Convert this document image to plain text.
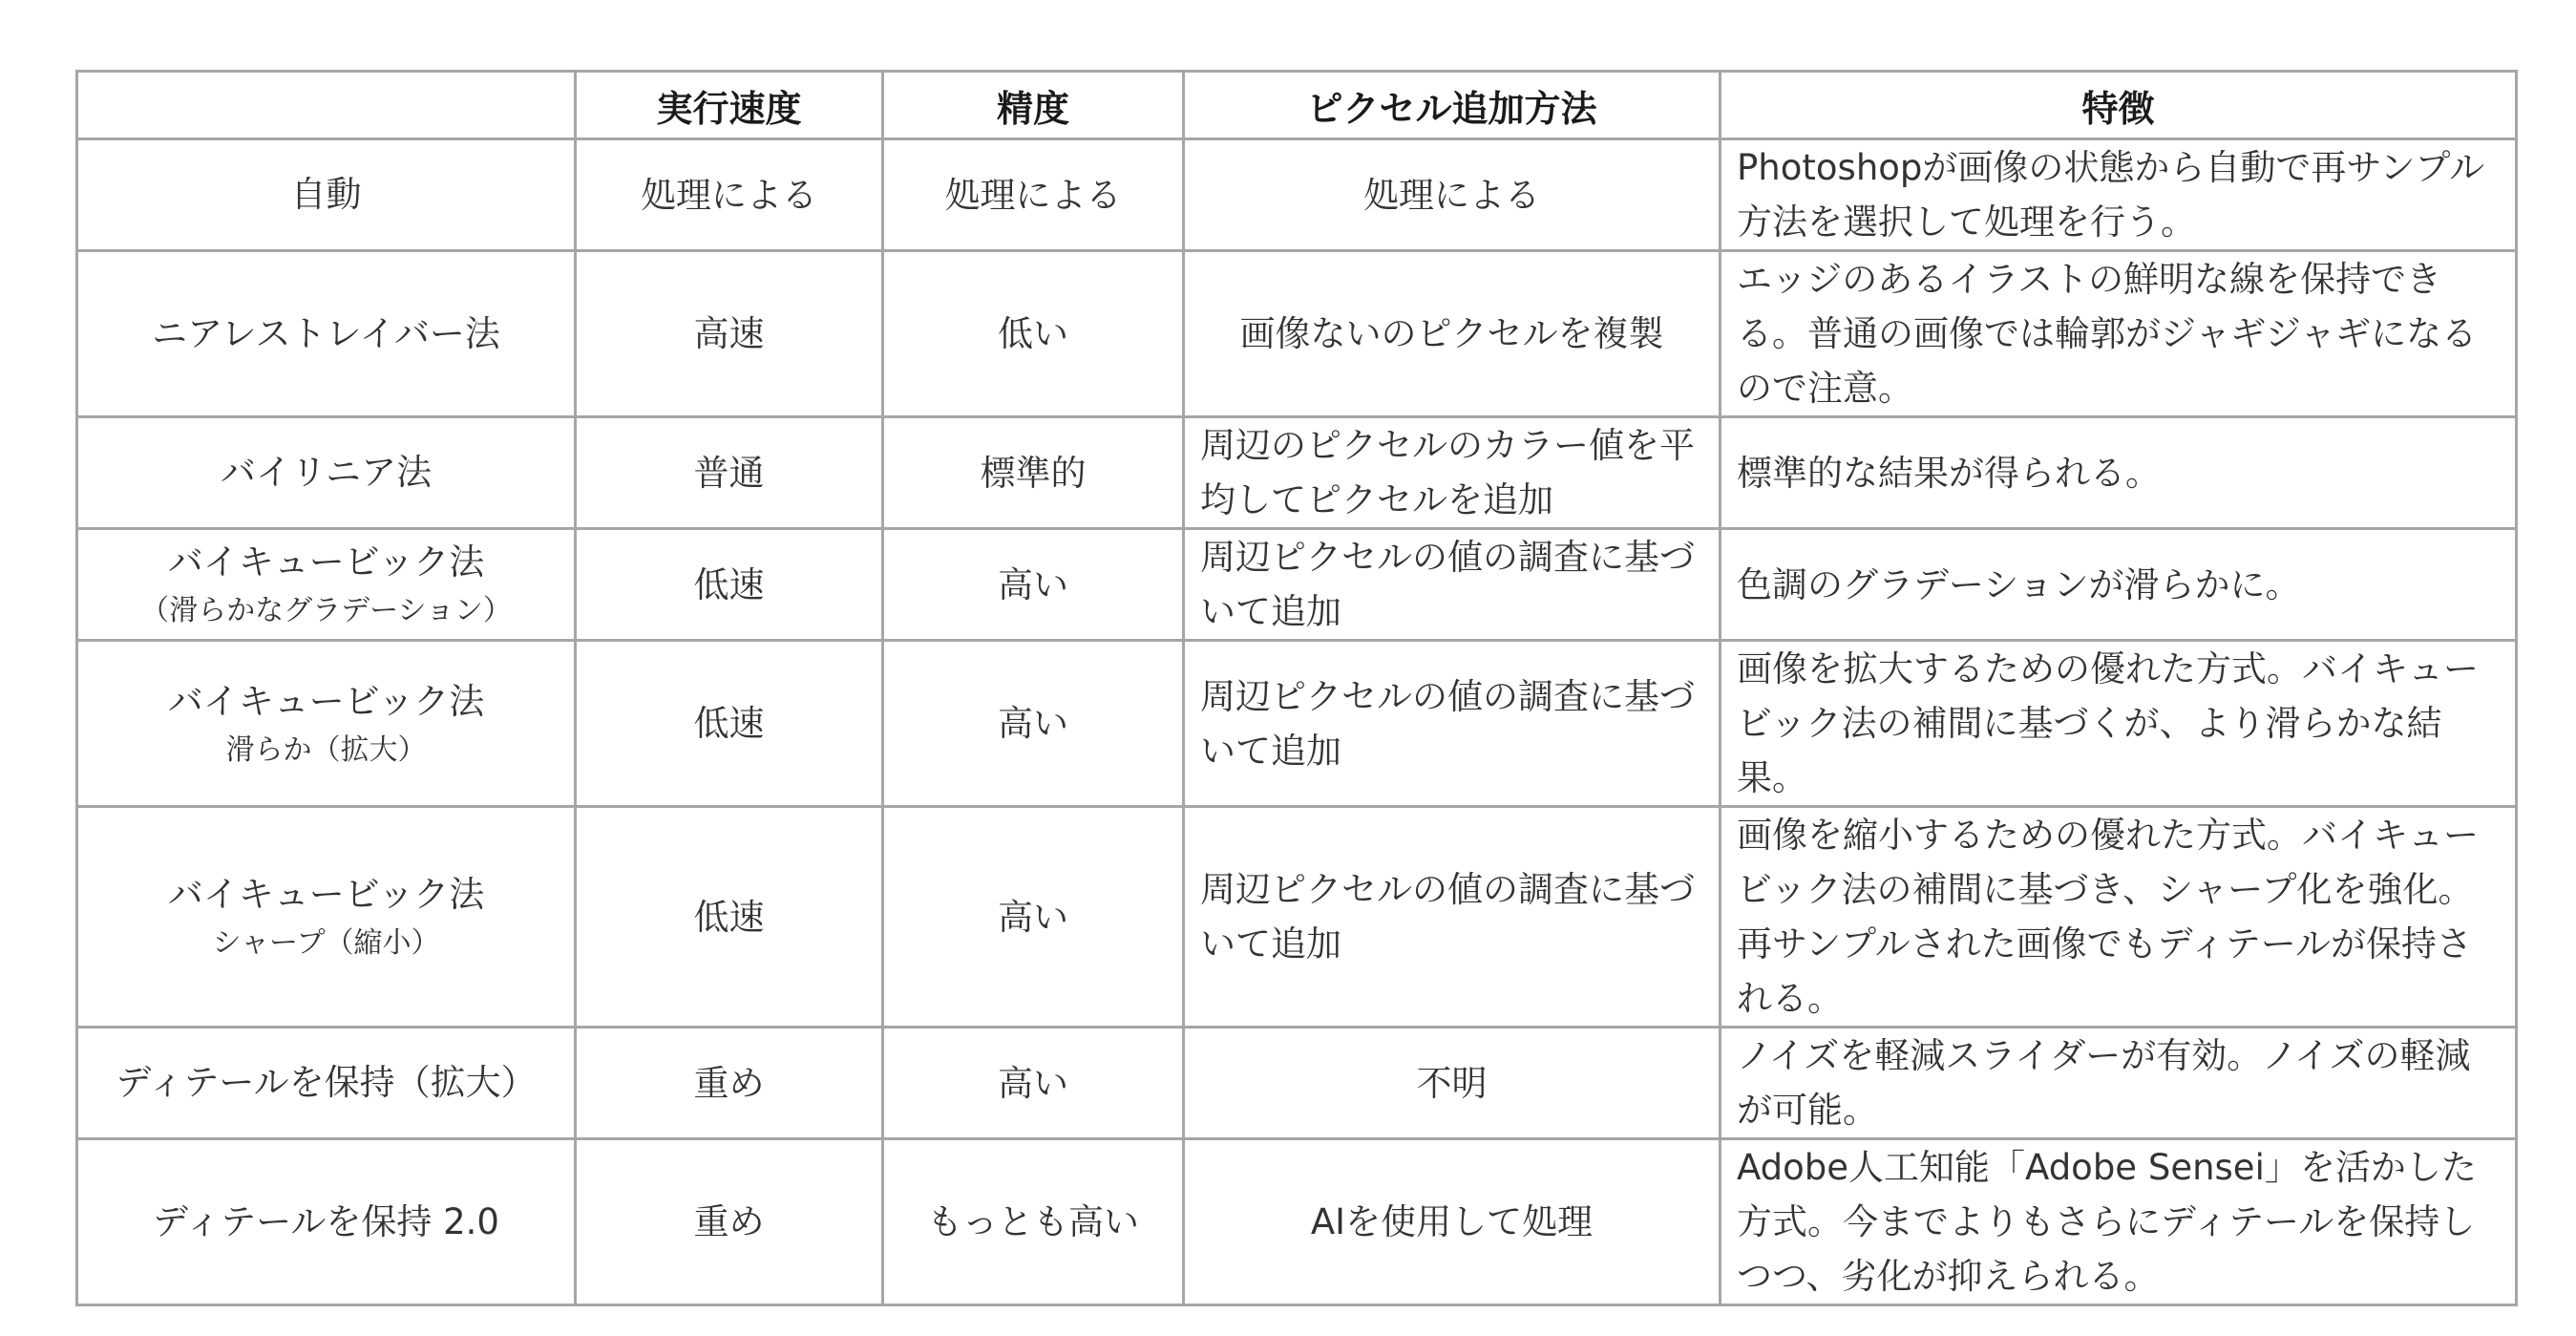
	実行速度	精度	ピクセル追加方法	特徴

自動	処理による	処理による	処理による	Photoshopが画像の状態から自動で再サンプル方法を選択して処理を行う。

ニアレストレイバー法	高速	低い	画像ないのピクセルを複製	エッジのあるイラストの鮮明な線を保持できる。普通の画像では輪郭がジャギジャギになるので注意。

バイリニア法	普通	標準的	周辺のピクセルのカラー値を平均してピクセルを追加	標準的な結果が得られる。

バイキュービック法
（滑らかなグラデーション）	低速	高い	周辺ピクセルの値の調査に基づいて追加	色調のグラデーションが滑らかに。

バイキュービック法
滑らか（拡大）	低速	高い	周辺ピクセルの値の調査に基づいて追加	画像を拡大するための優れた方式。バイキュービック法の補間に基づくが、より滑らかな結果。

バイキュービック法
シャープ（縮小）	低速	高い	周辺ピクセルの値の調査に基づいて追加	画像を縮小するための優れた方式。バイキュービック法の補間に基づき、シャープ化を強化。再サンプルされた画像でもディテールが保持される。

ディテールを保持（拡大）	重め	高い	不明	ノイズを軽減スライダーが有効。ノイズの軽減が可能。

ディテールを保持 2.0	重め	もっとも高い	AIを使用して処理	Adobe人工知能「Adobe Sensei」を活かした方式。今までよりもさらにディテールを保持しつつ、劣化が抑えられる。
